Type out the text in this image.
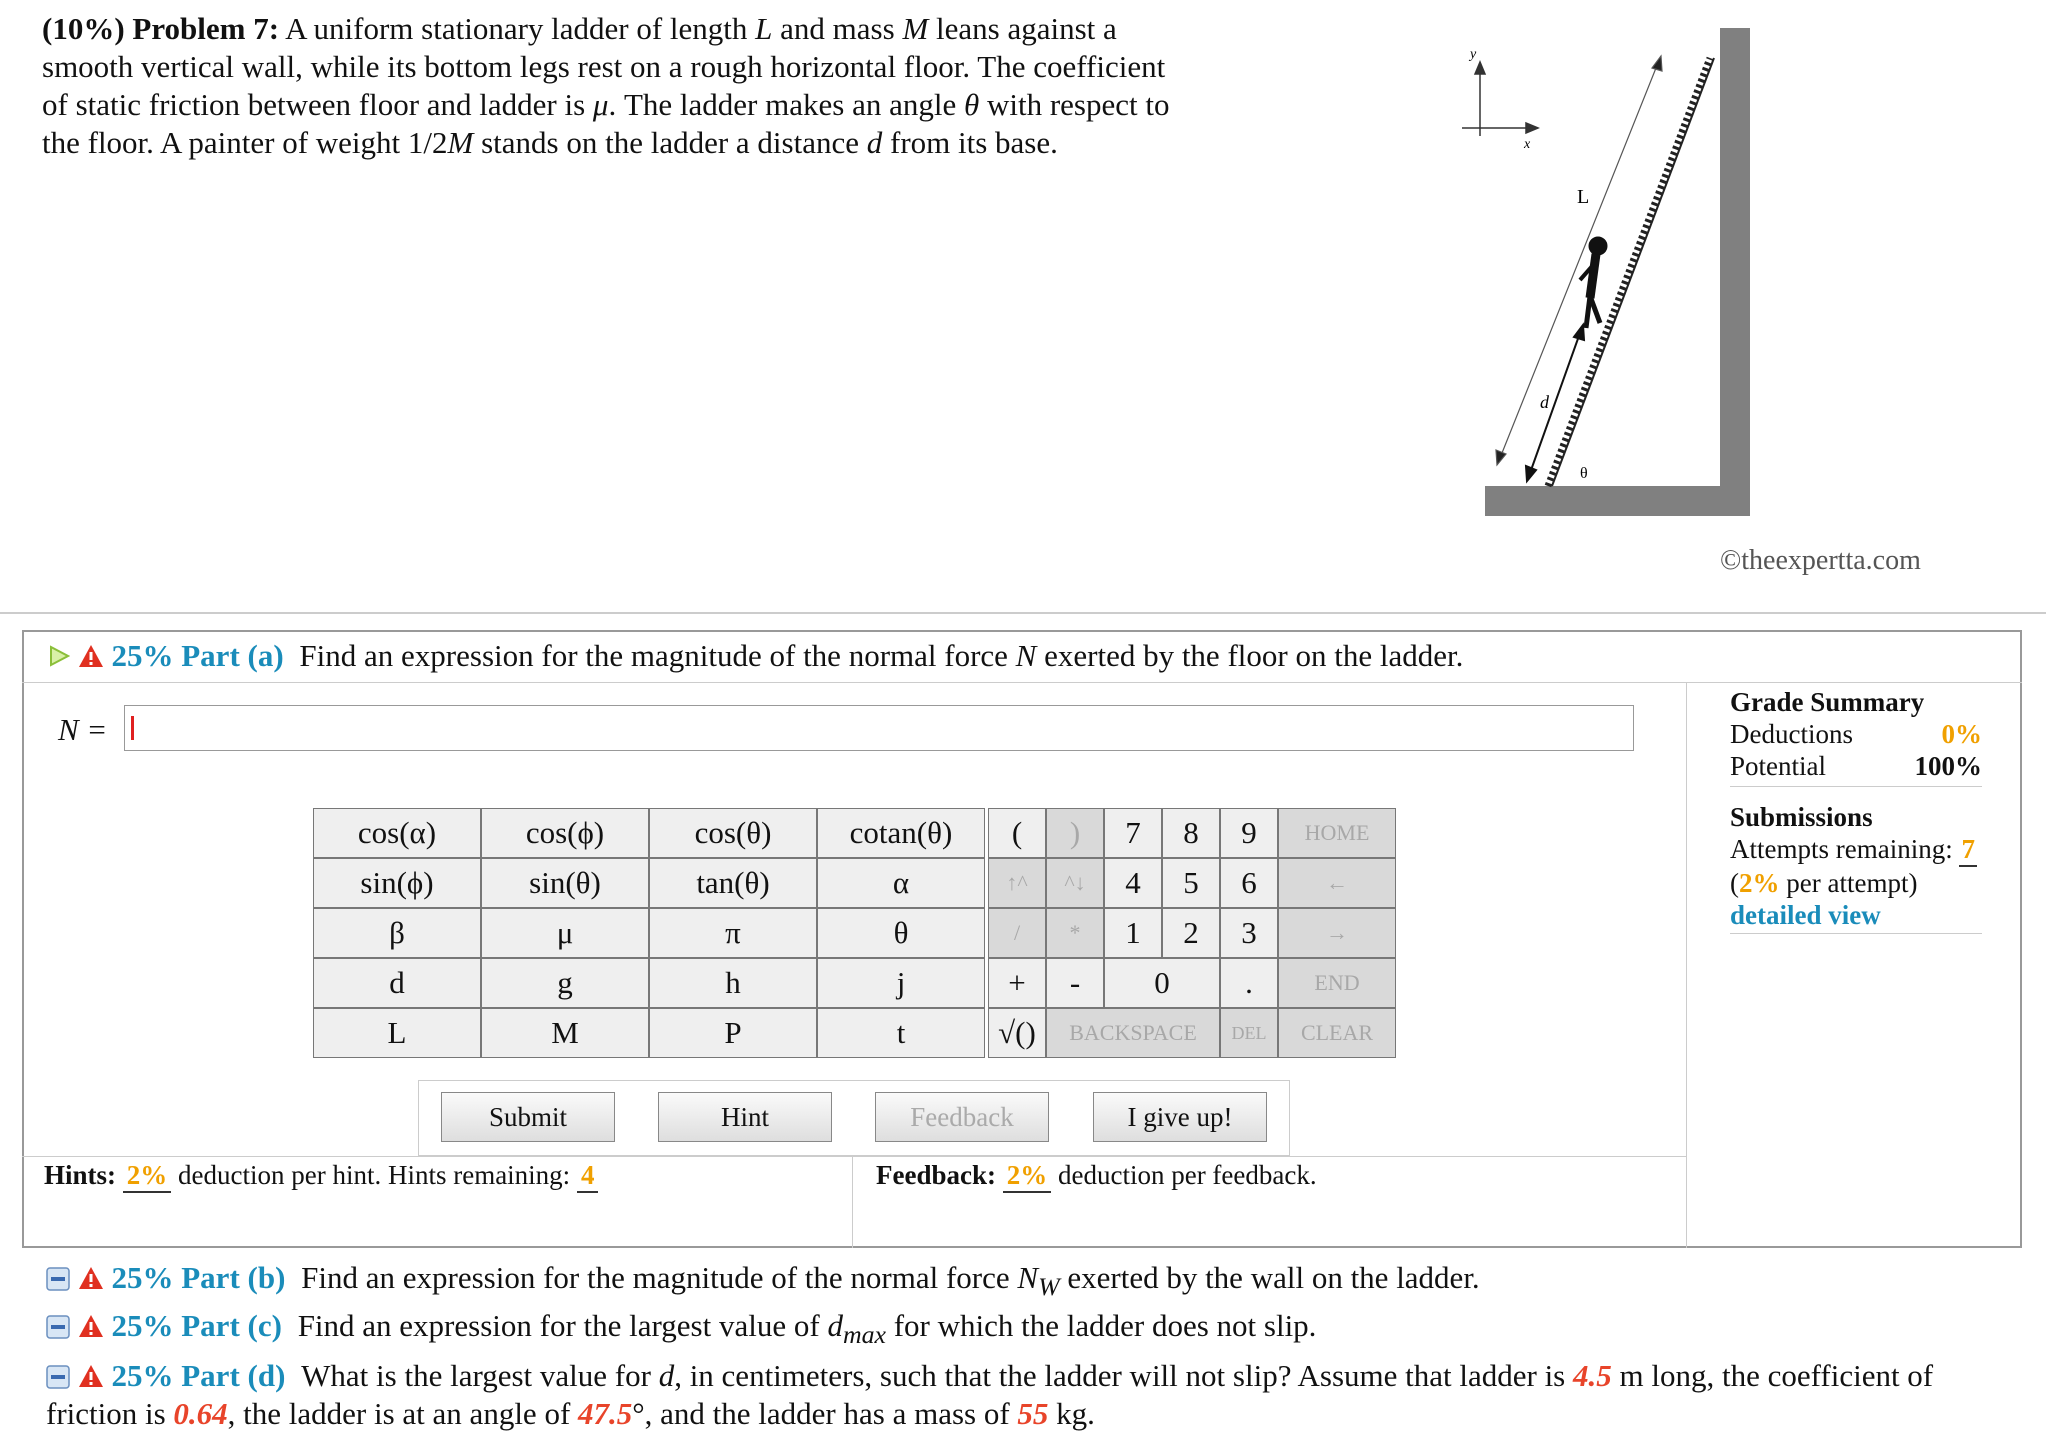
(10%) Problem 7: A uniform stationary ladder of length L and mass M leans against a smooth vertical wall, while its bottom legs rest on a rough horizontal floor. The coefficient of static friction between floor and ladder is μ. The ladder makes an angle θ with respect to the floor. A painter of weight 1/2M stands on the ladder a distance d from its base.
y
x
L
d
θ
©theexpertta.com
25% Part (a) Find an expression for the magnitude of the normal force N exerted by the floor on the ladder.
N =
cos(α)	cos(ϕ)	cos(θ)	cotan(θ)
sin(ϕ)	sin(θ)	tan(θ)	α
β	μ	π	θ
d	g	h	j
L	M	P	t
(	)	7	8	9	HOME
↑^	^↓	4	5	6	←
/	*	1	2	3	→
+	-	0	.	END
√()	BACKSPACE	DEL	CLEAR
Submit	Hint	Feedback	I give up!
Hints: 2% deduction per hint. Hints remaining: 4	Feedback: 2% deduction per feedback.
Grade Summary
Deductions	0%
Potential	100%
Submissions
Attempts remaining: 7
(2% per attempt)
detailed view
25% Part (b) Find an expression for the magnitude of the normal force $N_W$ exerted by the wall on the ladder.
25% Part (c) Find an expression for the largest value of $d_{max}$ for which the ladder does not slip.
25% Part (d) What is the largest value for d, in centimeters, such that the ladder will not slip? Assume that ladder is 4.5 m long, the coefficient of friction is 0.64, the ladder is at an angle of 47.5°, and the ladder has a mass of 55 kg.
